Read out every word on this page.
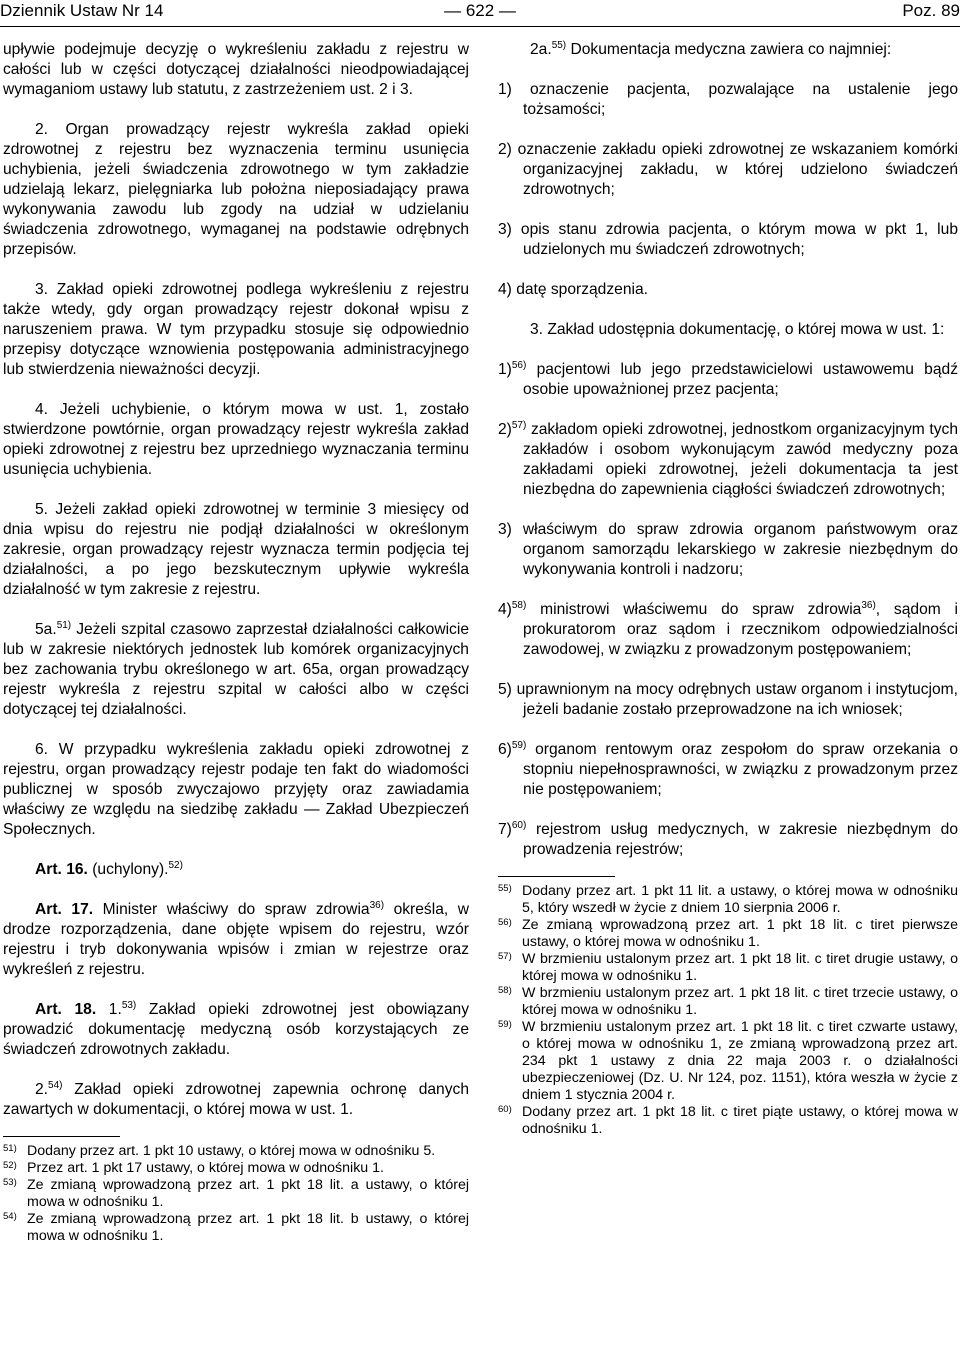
Dziennik Ustaw Nr 14	— 622 —	Poz. 89

upływie podejmuje decyzję o wykreśleniu zakładu z rejestru w całości lub w części dotyczącej działalności nieodpowiadającej wymaganiom ustawy lub statutu, z zastrzeżeniem ust. 2 i 3.

2. Organ prowadzący rejestr wykreśla zakład opieki zdrowotnej z rejestru bez wyznaczenia terminu usunięcia uchybienia, jeżeli świadczenia zdrowotnego w tym zakładzie udzielają lekarz, pielęgniarka lub położna nieposiadający prawa wykonywania zawodu lub zgody na udział w udzielaniu świadczenia zdrowotnego, wymaganej na podstawie odrębnych przepisów.

3. Zakład opieki zdrowotnej podlega wykreśleniu z rejestru także wtedy, gdy organ prowadzący rejestr dokonał wpisu z naruszeniem prawa. W tym przypadku stosuje się odpowiednio przepisy dotyczące wznowienia postępowania administracyjnego lub stwierdzenia nieważności decyzji.

4. Jeżeli uchybienie, o którym mowa w ust. 1, zostało stwierdzone powtórnie, organ prowadzący rejestr wykreśla zakład opieki zdrowotnej z rejestru bez uprzedniego wyznaczania terminu usunięcia uchybienia.

5. Jeżeli zakład opieki zdrowotnej w terminie 3 miesięcy od dnia wpisu do rejestru nie podjął działalności w określonym zakresie, organ prowadzący rejestr wyznacza termin podjęcia tej działalności, a po jego bezskutecznym upływie wykreśla działalność w tym zakresie z rejestru.

5a.$^{51)}$ Jeżeli szpital czasowo zaprzestał działalności całkowicie lub w zakresie niektórych jednostek lub komórek organizacyjnych bez zachowania trybu określonego w art. 65a, organ prowadzący rejestr wykreśla z rejestru szpital w całości albo w części dotyczącej tej działalności.

6. W przypadku wykreślenia zakładu opieki zdrowotnej z rejestru, organ prowadzący rejestr podaje ten fakt do wiadomości publicznej w sposób zwyczajowo przyjęty oraz zawiadamia właściwy ze względu na siedzibę zakładu — Zakład Ubezpieczeń Społecznych.

Art. 16. (uchylony).$^{52)}$

Art. 17. Minister właściwy do spraw zdrowia$^{36)}$ określa, w drodze rozporządzenia, dane objęte wpisem do rejestru, wzór rejestru i tryb dokonywania wpisów i zmian w rejestrze oraz wykreśleń z rejestru.

Art. 18. 1.$^{53)}$ Zakład opieki zdrowotnej jest obowiązany prowadzić dokumentację medyczną osób korzystających ze świadczeń zdrowotnych zakładu.

2.$^{54)}$ Zakład opieki zdrowotnej zapewnia ochronę danych zawartych w dokumentacji, o której mowa w ust. 1.

51) Dodany przez art. 1 pkt 10 ustawy, o której mowa w odnośniku 5.

52) Przez art. 1 pkt 17 ustawy, o której mowa w odnośniku 1.

53) Ze zmianą wprowadzoną przez art. 1 pkt 18 lit. a ustawy, o której mowa w odnośniku 1.

54) Ze zmianą wprowadzoną przez art. 1 pkt 18 lit. b ustawy, o której mowa w odnośniku 1.

2a.$^{55)}$ Dokumentacja medyczna zawiera co najmniej:

1) oznaczenie pacjenta, pozwalające na ustalenie jego tożsamości;

2) oznaczenie zakładu opieki zdrowotnej ze wskazaniem komórki organizacyjnej zakładu, w której udzielono świadczeń zdrowotnych;

3) opis stanu zdrowia pacjenta, o którym mowa w pkt 1, lub udzielonych mu świadczeń zdrowotnych;

4) datę sporządzenia.

3. Zakład udostępnia dokumentację, o której mowa w ust. 1:

1)$^{56)}$ pacjentowi lub jego przedstawicielowi ustawowemu bądź osobie upoważnionej przez pacjenta;

2)$^{57)}$ zakładom opieki zdrowotnej, jednostkom organizacyjnym tych zakładów i osobom wykonującym zawód medyczny poza zakładami opieki zdrowotnej, jeżeli dokumentacja ta jest niezbędna do zapewnienia ciągłości świadczeń zdrowotnych;

3) właściwym do spraw zdrowia organom państwowym oraz organom samorządu lekarskiego w zakresie niezbędnym do wykonywania kontroli i nadzoru;

4)$^{58)}$ ministrowi właściwemu do spraw zdrowia$^{36)}$, sądom i prokuratorom oraz sądom i rzecznikom odpowiedzialności zawodowej, w związku z prowadzonym postępowaniem;

5) uprawnionym na mocy odrębnych ustaw organom i instytucjom, jeżeli badanie zostało przeprowadzone na ich wniosek;

6)$^{59)}$ organom rentowym oraz zespołom do spraw orzekania o stopniu niepełnosprawności, w związku z prowadzonym przez nie postępowaniem;

7)$^{60)}$ rejestrom usług medycznych, w zakresie niezbędnym do prowadzenia rejestrów;

55) Dodany przez art. 1 pkt 11 lit. a ustawy, o której mowa w odnośniku 5, który wszedł w życie z dniem 10 sierpnia 2006 r.

56) Ze zmianą wprowadzoną przez art. 1 pkt 18 lit. c tiret pierwsze ustawy, o której mowa w odnośniku 1.

57) W brzmieniu ustalonym przez art. 1 pkt 18 lit. c tiret drugie ustawy, o której mowa w odnośniku 1.

58) W brzmieniu ustalonym przez art. 1 pkt 18 lit. c tiret trzecie ustawy, o której mowa w odnośniku 1.

59) W brzmieniu ustalonym przez art. 1 pkt 18 lit. c tiret czwarte ustawy, o której mowa w odnośniku 1, ze zmianą wprowadzoną przez art. 234 pkt 1 ustawy z dnia 22 maja 2003 r. o działalności ubezpieczeniowej (Dz. U. Nr 124, poz. 1151), która weszła w życie z dniem 1 stycznia 2004 r.

60) Dodany przez art. 1 pkt 18 lit. c tiret piąte ustawy, o której mowa w odnośniku 1.
